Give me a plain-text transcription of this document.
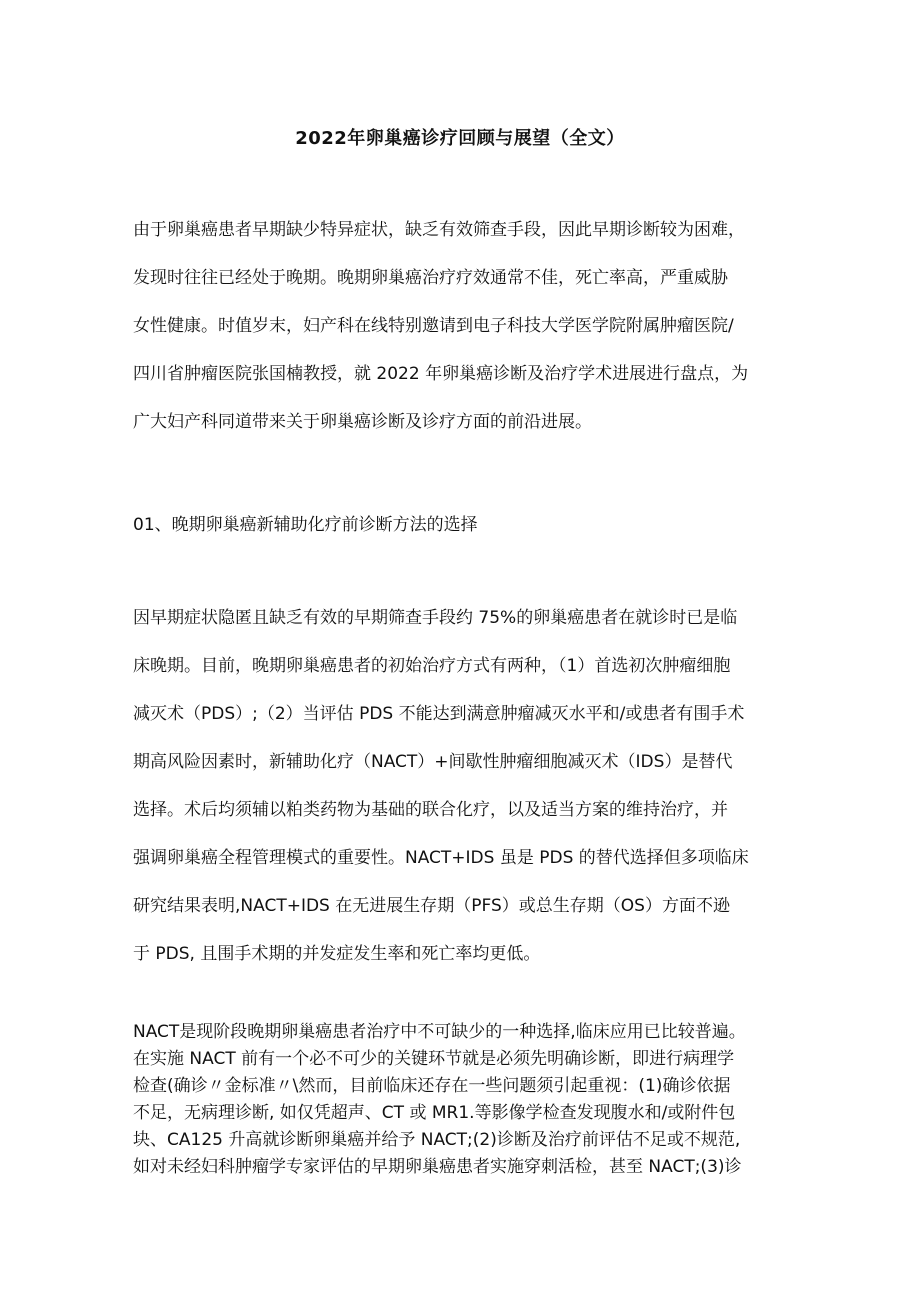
2022年卵巢癌诊疗回顾与展望（全文）

由于卵巢癌患者早期缺少特异症状，缺乏有效筛查手段，因此早期诊断较为困难，
发现时往往已经处于晚期。晚期卵巢癌治疗疗效通常不佳，死亡率高，严重威胁
女性健康。时值岁末，妇产科在线特别邀请到电子科技大学医学院附属肿瘤医院/
四川省肿瘤医院张国楠教授，就 2022 年卵巢癌诊断及治疗学术进展进行盘点，为
广大妇产科同道带来关于卵巢癌诊断及诊疗方面的前沿进展。

01、晚期卵巢癌新辅助化疗前诊断方法的选择

因早期症状隐匿且缺乏有效的早期筛查手段约 75%的卵巢癌患者在就诊时已是临
床晚期。目前，晚期卵巢癌患者的初始治疗方式有两种，（1）首选初次肿瘤细胞
减灭术（PDS）;（2）当评估 PDS 不能达到满意肿瘤减灭水平和/或患者有围手术
期高风险因素时，新辅助化疗（NACT）+间歇性肿瘤细胞减灭术（IDS）是替代
选择。术后均须辅以粕类药物为基础的联合化疗，以及适当方案的维持治疗，并
强调卵巢癌全程管理模式的重要性。NACT+IDS 虽是 PDS 的替代选择但多项临床
研究结果表明,NACT+IDS 在无进展生存期（PFS）或总生存期（OS）方面不逊
于 PDS, 且围手术期的并发症发生率和死亡率均更低。

NACT是现阶段晚期卵巢癌患者治疗中不可缺少的一种选择,临床应用已比较普遍。
在实施 NACT 前有一个必不可少的关键环节就是必须先明确诊断，即进行病理学
检查(确诊〃金标准〃\然而，目前临床还存在一些问题须引起重视：(1)确诊依据
不足，无病理诊断, 如仅凭超声、CT 或 MR1.等影像学检查发现腹水和/或附件包
块、CA125 升高就诊断卵巢癌并给予 NACT;(2)诊断及治疗前评估不足或不规范,
如对未经妇科肿瘤学专家评估的早期卵巢癌患者实施穿刺活检，甚至 NACT;(3)诊
